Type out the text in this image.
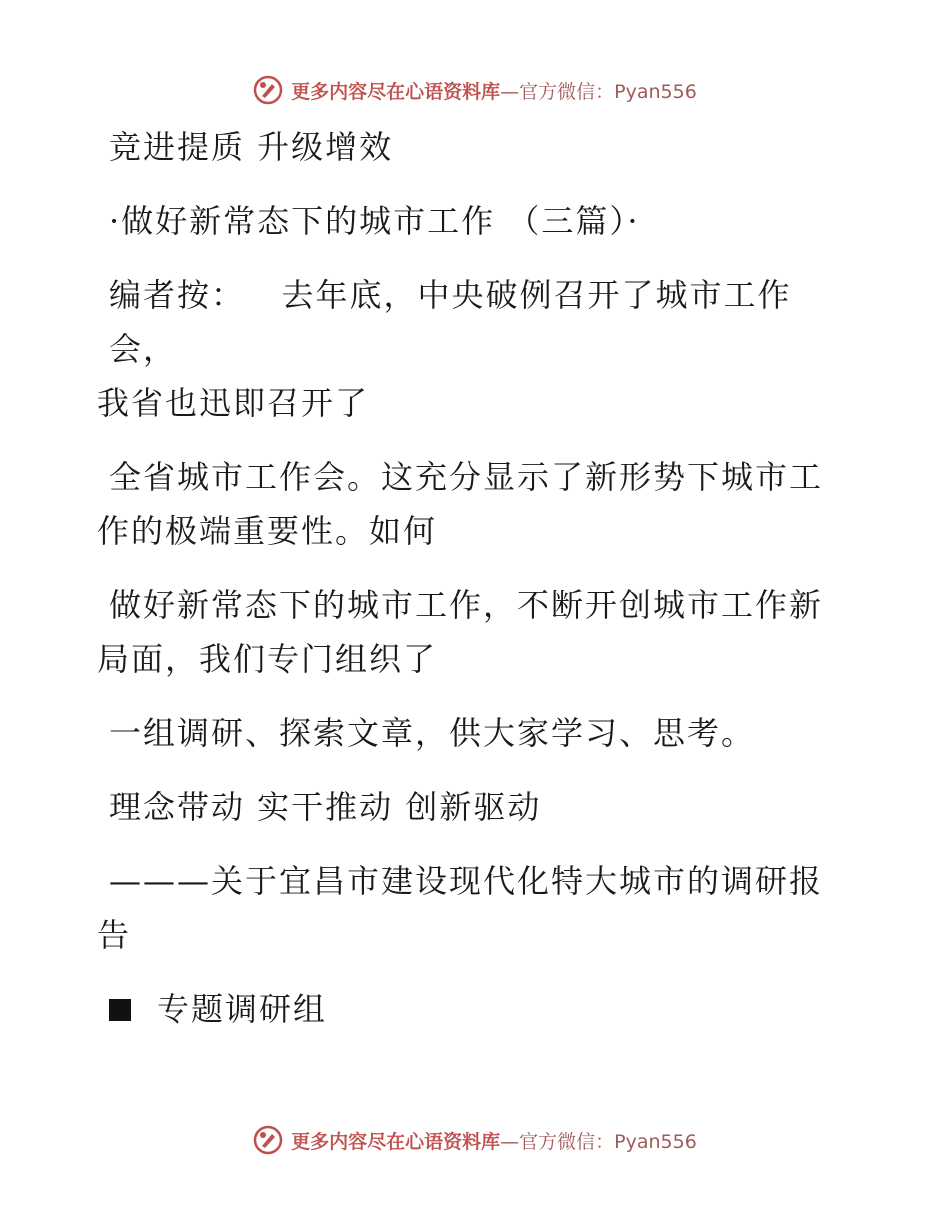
更多内容尽在心语资料库 —官方微信：Pyan556

竞进提质 升级增效

·做好新常态下的城市工作 （三篇）·

编者按： 去年底，中央破例召开了城市工作会，

我省也迅即召开了

全省城市工作会。这充分显示了新形势下城市工

作的极端重要性。如何

做好新常态下的城市工作，不断开创城市工作新

局面，我们专门组织了

一组调研、探索文章，供大家学习、思考。

理念带动 实干推动 创新驱动

———关于宜昌市建设现代化特大城市的调研报

告

专题调研组

更多内容尽在心语资料库 —官方微信：Pyan556
